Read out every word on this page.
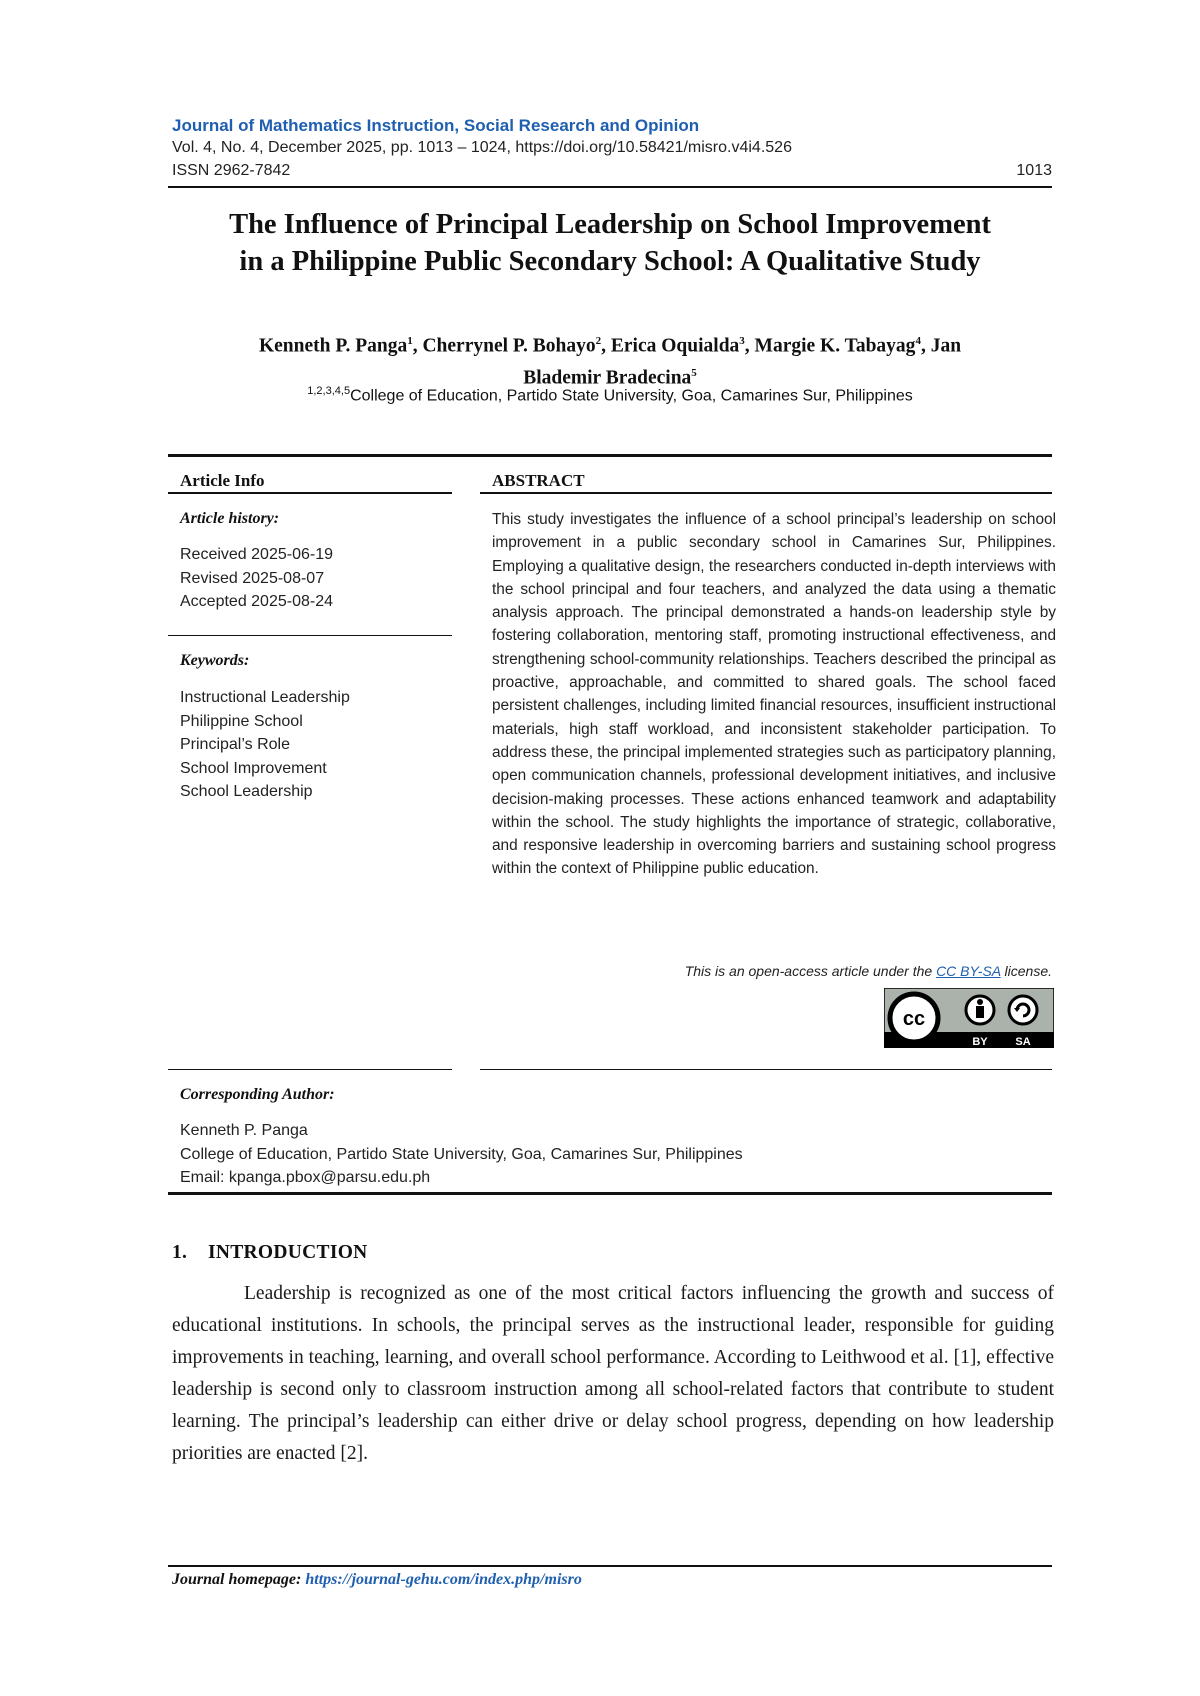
Journal of Mathematics Instruction, Social Research and Opinion
Vol. 4, No. 4, December 2025, pp. 1013 – 1024, https://doi.org/10.58421/misro.v4i4.526
ISSN 2962-7842	1013
The Influence of Principal Leadership on School Improvement
in a Philippine Public Secondary School: A Qualitative Study
Kenneth P. Panga$^1$, Cherrynel P. Bohayo$^2$, Erica Oquialda$^3$, Margie K. Tabayag$^4$, Jan
Blademir Bradecina$^5$
$^{1,2,3,4,5}$College of Education, Partido State University, Goa, Camarines Sur, Philippines
Article Info
Article history:
Received 2025-06-19
Revised 2025-08-07
Accepted 2025-08-24
Keywords:
Instructional Leadership
Philippine School
Principal’s Role
School Improvement
School Leadership
ABSTRACT
This study investigates the influence of a school principal’s leadership on school improvement in a public secondary school in Camarines Sur, Philippines. Employing a qualitative design, the researchers conducted in-depth interviews with the school principal and four teachers, and analyzed the data using a thematic analysis approach. The principal demonstrated a hands-on leadership style by fostering collaboration, mentoring staff, promoting instructional effectiveness, and strengthening school-community relationships. Teachers described the principal as proactive, approachable, and committed to shared goals. The school faced persistent challenges, including limited financial resources, insufficient instructional materials, high staff workload, and inconsistent stakeholder participation. To address these, the principal implemented strategies such as participatory planning, open communication channels, professional development initiatives, and inclusive decision-making processes. These actions enhanced teamwork and adaptability within the school. The study highlights the importance of strategic, collaborative, and responsive leadership in overcoming barriers and sustaining school progress within the context of Philippine public education.
This is an open-access article under the CC BY-SA license.
cc
BY	SA
Corresponding Author:
Kenneth P. Panga
College of Education, Partido State University, Goa, Camarines Sur, Philippines
Email: kpanga.pbox@parsu.edu.ph
1. INTRODUCTION
Leadership is recognized as one of the most critical factors influencing the growth and success of educational institutions. In schools, the principal serves as the instructional leader, responsible for guiding improvements in teaching, learning, and overall school performance. According to Leithwood et al. [1], effective leadership is second only to classroom instruction among all school-related factors that contribute to student learning. The principal’s leadership can either drive or delay school progress, depending on how leadership priorities are enacted [2].
Journal homepage: https://journal-gehu.com/index.php/misro
